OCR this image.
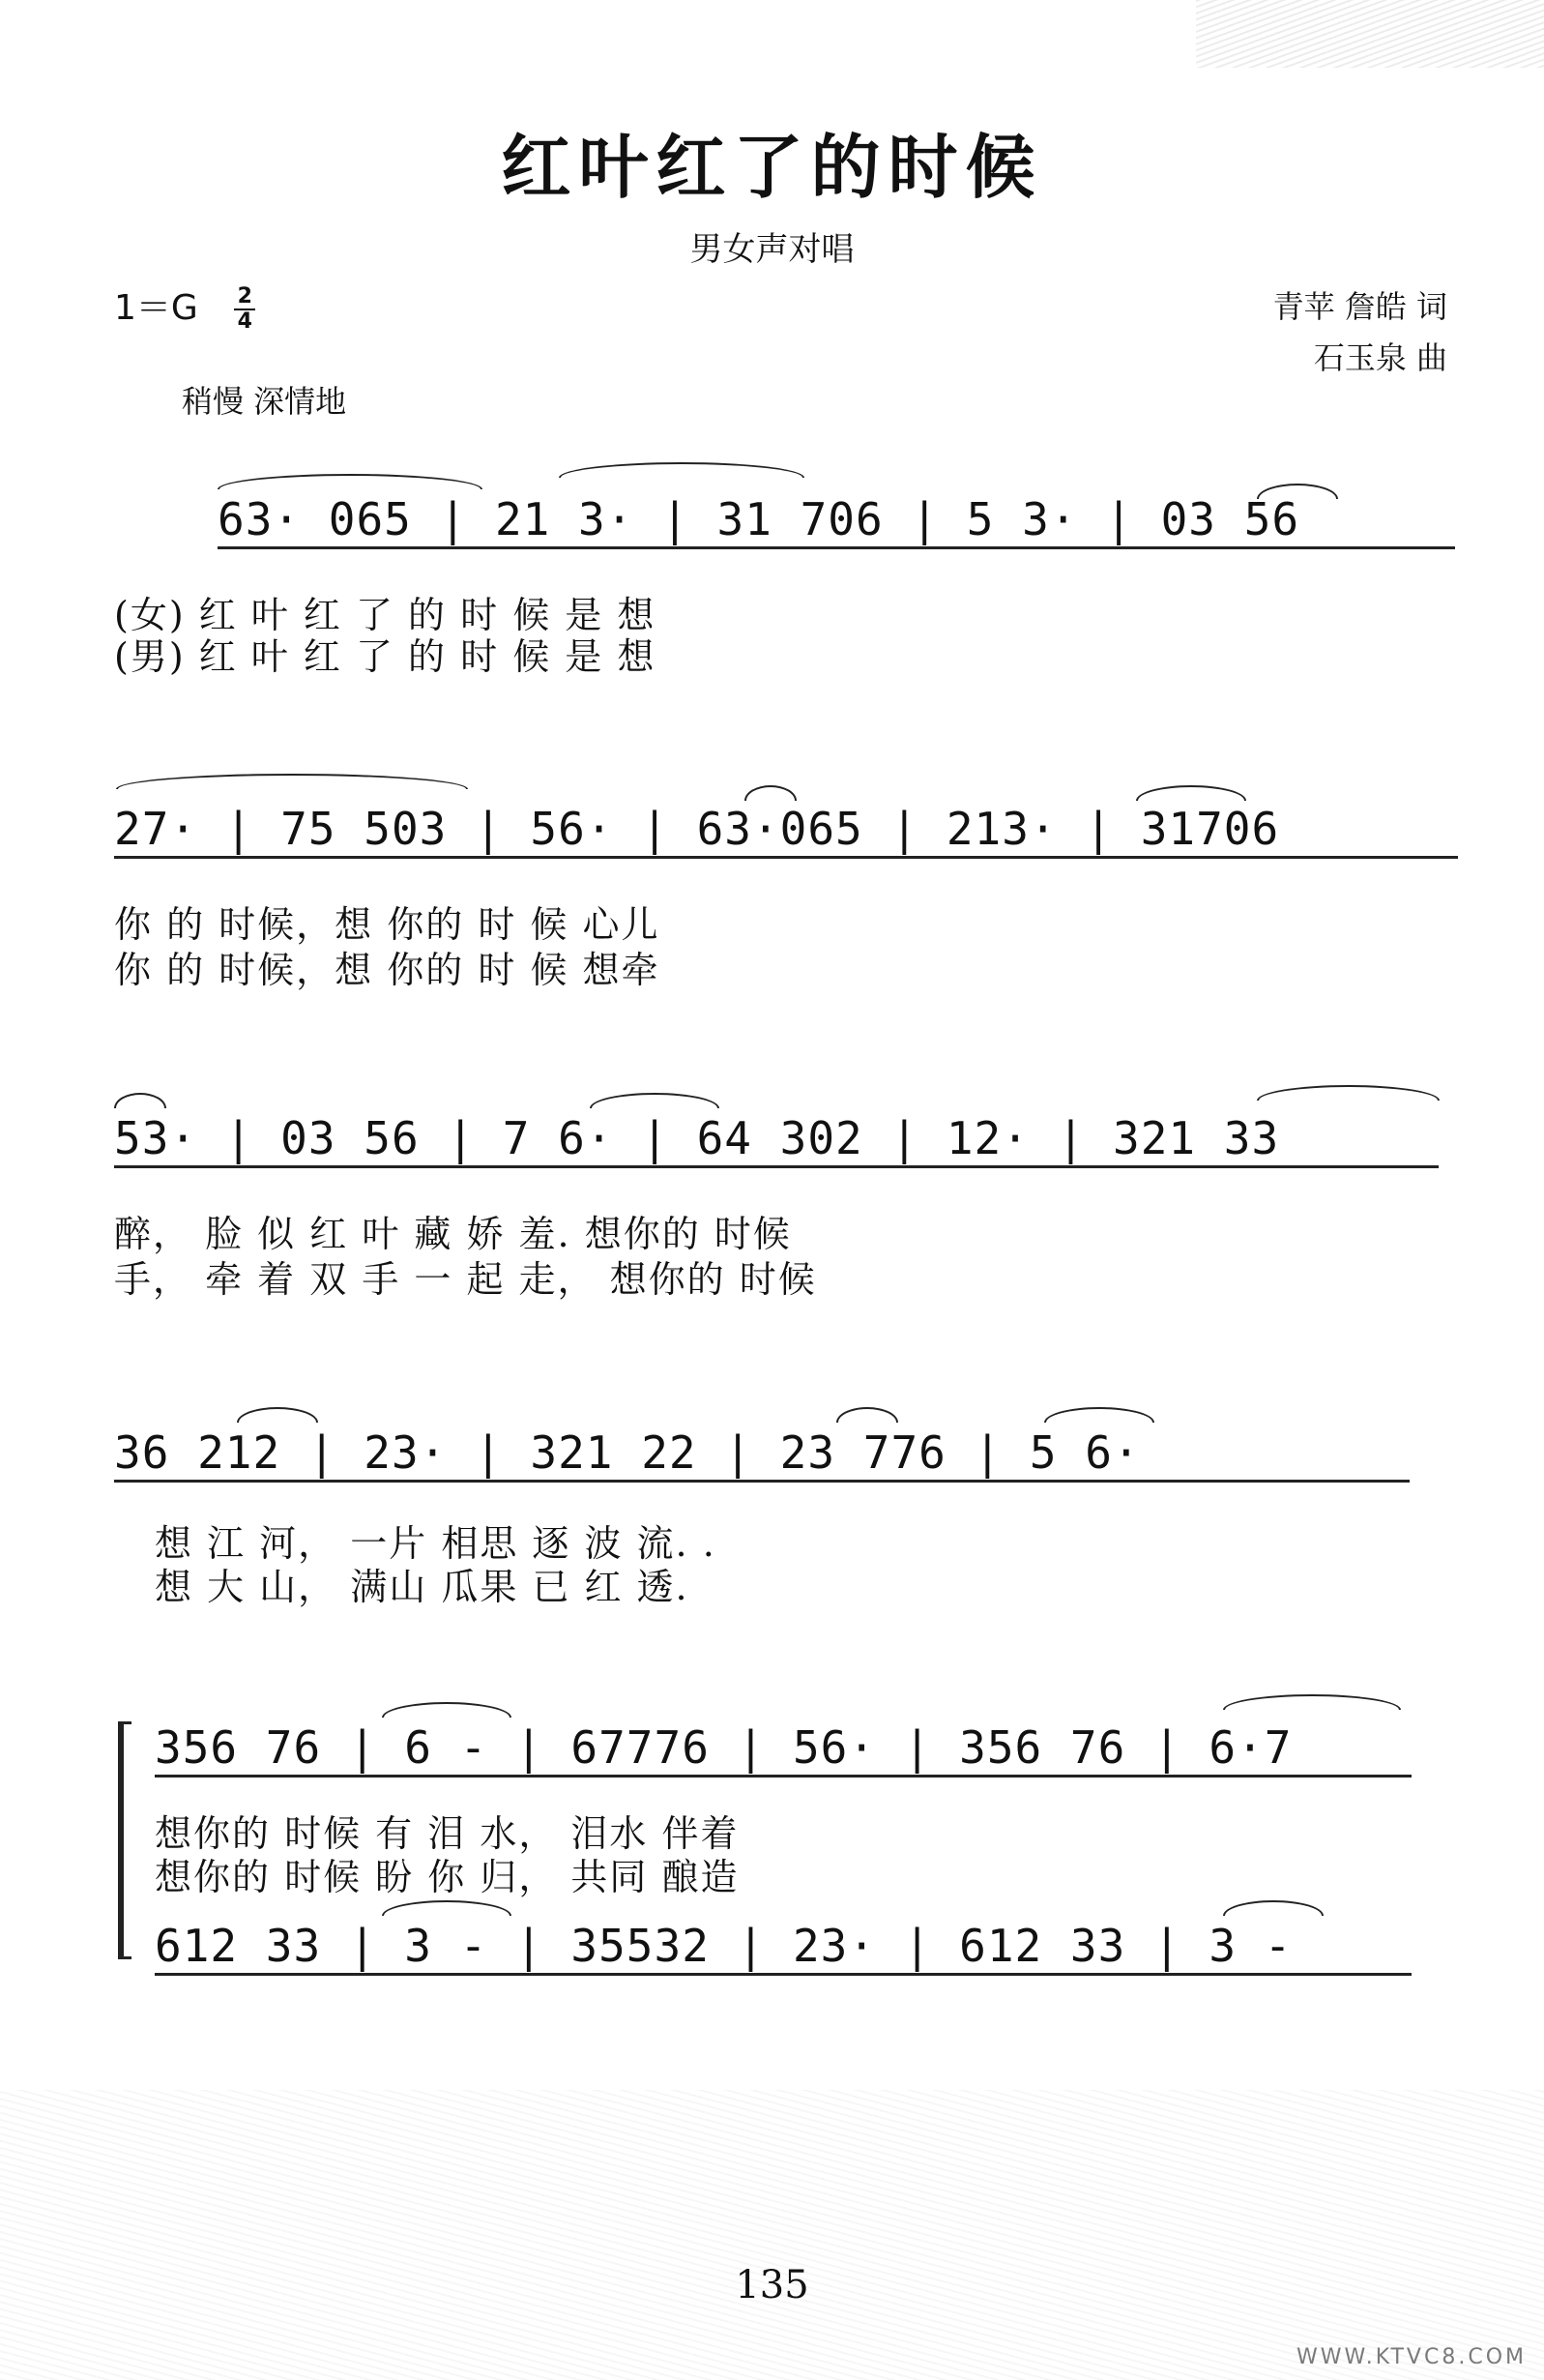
红叶红了的时候
男女声对唱
$1=G \frac{2}{4}$	青苹 詹皓 词
石玉泉 曲
稍慢 深情地
63· 065 | 21 3· | 31 706 | 5 3· | 03 56
(女) 红 叶 红 了 的 时 候 是 想
(男) 红 叶 红 了 的 时 候 是 想
27· | 75 503 | 56· | 63·065 | 213· | 31706
你 的 时候，想 你的 时 候 心儿
你 的 时候，想 你的 时 候 想牵
53· | 03 56 | 7 6· | 64 302 | 12· | 321 33
醉， 脸 似 红 叶 藏 娇 羞. 想你的 时候
手， 牵 着 双 手 一 起 走， 想你的 时候
36 212 | 23· | 321 22 | 23 776 | 5 6·
想 江 河， 一片 相思 逐 波 流. .
想 大 山， 满山 瓜果 已 红 透.
356 76 | 6 - | 67776 | 56· | 356 76 | 6·7
想你的 时候 有 泪 水， 泪水 伴着
想你的 时候 盼 你 归， 共同 酿造
612 33 | 3 - | 35532 | 23· | 612 33 | 3 -
135
WWW.KTVC8.COM
